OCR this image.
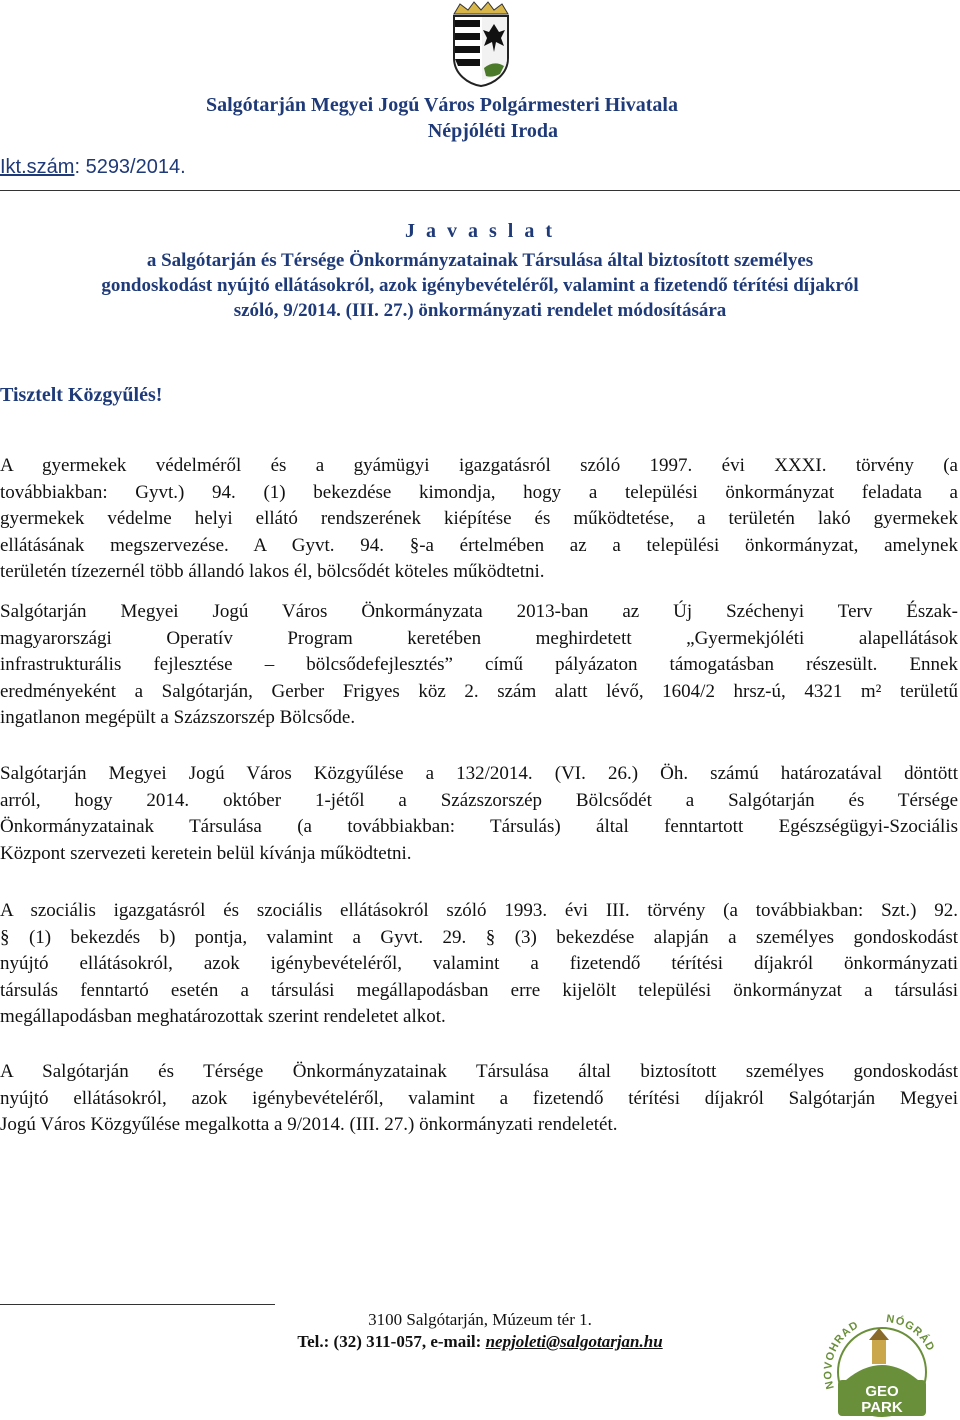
Salgótarján Megyei Jogú Város Polgármesteri Hivatala
Népjóléti Iroda
Ikt.szám: 5293/2014.
J a v a s l a t
a Salgótarján és Térsége Önkormányzatainak Társulása által biztosított személyes
gondoskodást nyújtó ellátásokról, azok igénybevételéről, valamint a fizetendő térítési díjakról
szóló, 9/2014. (III. 27.) önkormányzati rendelet módosítására
Tisztelt Közgyűlés!
A gyermekek védelméről és a gyámügyi igazgatásról szóló 1997. évi XXXI. törvény (a
továbbiakban: Gyvt.) 94. (1) bekezdése kimondja, hogy a települési önkormányzat feladata a
gyermekek védelme helyi ellátó rendszerének kiépítése és működtetése, a területén lakó gyermekek
ellátásának megszervezése. A Gyvt. 94. §-a értelmében az a települési önkormányzat, amelynek
területén tízezernél több állandó lakos él, bölcsődét köteles működtetni.
Salgótarján Megyei Jogú Város Önkormányzata 2013-ban az Új Széchenyi Terv Észak-
magyarországi Operatív Program keretében meghirdetett „Gyermekjóléti alapellátások
infrastrukturális fejlesztése – bölcsődefejlesztés” című pályázaton támogatásban részesült. Ennek
eredményeként a Salgótarján, Gerber Frigyes köz 2. szám alatt lévő, 1604/2 hrsz-ú, 4321 m² területű
ingatlanon megépült a Százszorszép Bölcsőde.
Salgótarján Megyei Jogú Város Közgyűlése a 132/2014. (VI. 26.) Öh. számú határozatával döntött
arról, hogy 2014. október 1-jétől a Százszorszép Bölcsődét a Salgótarján és Térsége
Önkormányzatainak Társulása (a továbbiakban: Társulás) által fenntartott Egészségügyi-Szociális
Központ szervezeti keretein belül kívánja működtetni.
A szociális igazgatásról és szociális ellátásokról szóló 1993. évi III. törvény (a továbbiakban: Szt.) 92.
§ (1) bekezdés b) pontja, valamint a Gyvt. 29. § (3) bekezdése alapján a személyes gondoskodást
nyújtó ellátásokról, azok igénybevételéről, valamint a fizetendő térítési díjakról önkormányzati
társulás fenntartó esetén a társulási megállapodásban erre kijelölt települési önkormányzat a társulási
megállapodásban meghatározottak szerint rendeletet alkot.
A Salgótarján és Térsége Önkormányzatainak Társulása által biztosított személyes gondoskodást
nyújtó ellátásokról, azok igénybevételéről, valamint a fizetendő térítési díjakról Salgótarján Megyei
Jogú Város Közgyűlése megalkotta a 9/2014. (III. 27.) önkormányzati rendeletét.
3100 Salgótarján, Múzeum tér 1.
Tel.: (32) 311-057, e-mail: nepjoleti@salgotarjan.hu
NOVOHRAD NÓGRÁD
GEO
PARK
